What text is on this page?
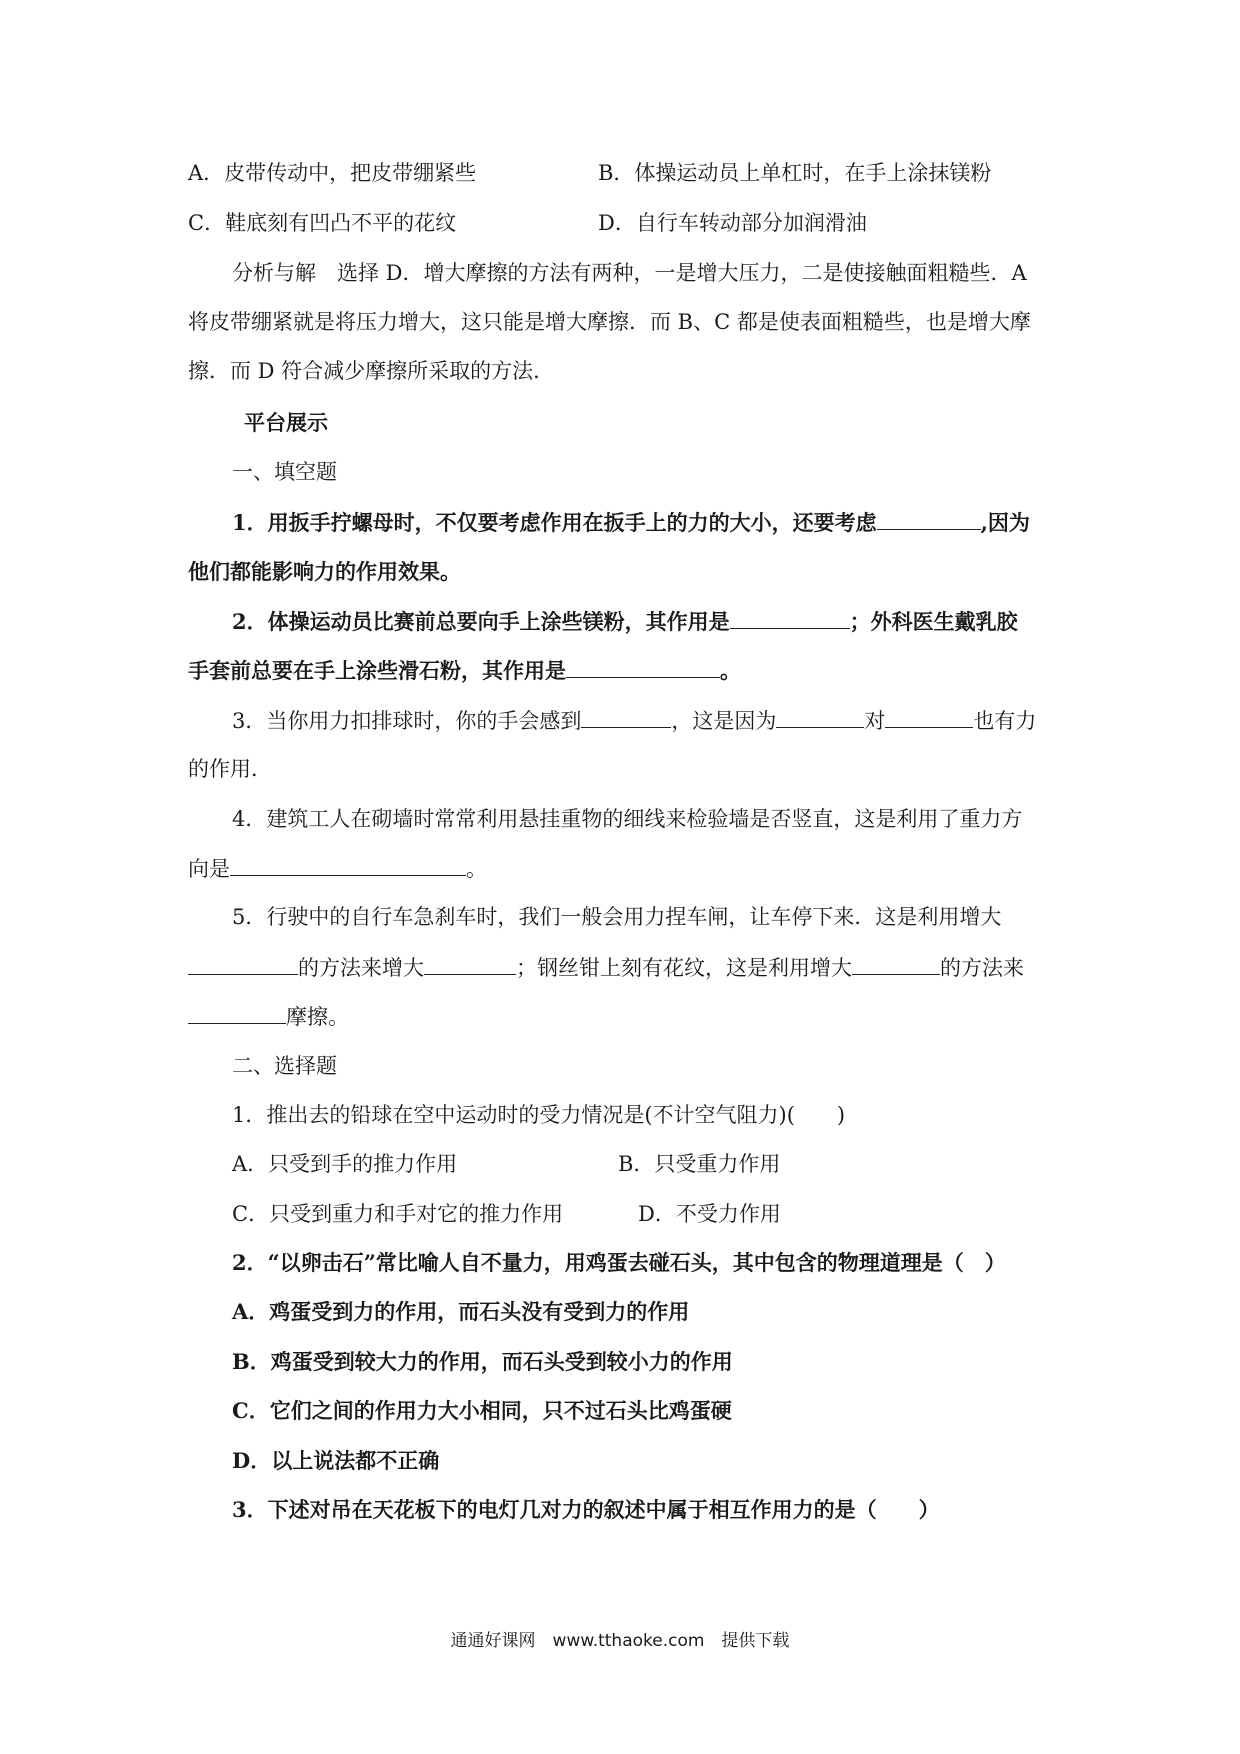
A．皮带传动中，把皮带绷紧些	B．体操运动员上单杠时，在手上涂抹镁粉
C．鞋底刻有凹凸不平的花纹	D．自行车转动部分加润滑油
分析与解　选择 D．增大摩擦的方法有两种，一是增大压力，二是使接触面粗糙些．A
将皮带绷紧就是将压力增大，这只能是增大摩擦．而 B、C 都是使表面粗糙些，也是增大摩
擦．而 D 符合减少摩擦所采取的方法．
平台展示
一、填空题
1．用扳手拧螺母时，不仅要考虑作用在扳手上的力的大小，还要考虑	,因为
他们都能影响力的作用效果。
2．体操运动员比赛前总要向手上涂些镁粉，其作用是	；外科医生戴乳胶
手套前总要在手上涂些滑石粉，其作用是	。
3．当你用力扣排球时，你的手会感到	，这是因为	对	也有力
的作用．
4．建筑工人在砌墙时常常利用悬挂重物的细线来检验墙是否竖直，这是利用了重力方
向是	。
5．行驶中的自行车急刹车时，我们一般会用力捏车闸，让车停下来．这是利用增大
的方法来增大	；钢丝钳上刻有花纹，这是利用增大	的方法来
摩擦。
二、选择题
1．推出去的铅球在空中运动时的受力情况是(不计空气阻力)(　　)
A．只受到手的推力作用	B．只受重力作用
C．只受到重力和手对它的推力作用	D．不受力作用
2．“以卵击石”常比喻人自不量力，用鸡蛋去碰石头，其中包含的物理道理是（　）
A．鸡蛋受到力的作用，而石头没有受到力的作用
B．鸡蛋受到较大力的作用，而石头受到较小力的作用
C．它们之间的作用力大小相同，只不过石头比鸡蛋硬
D．以上说法都不正确
3．下述对吊在天花板下的电灯几对力的叙述中属于相互作用力的是（　　）
通通好课网　www.tthaoke.com　提供下载
